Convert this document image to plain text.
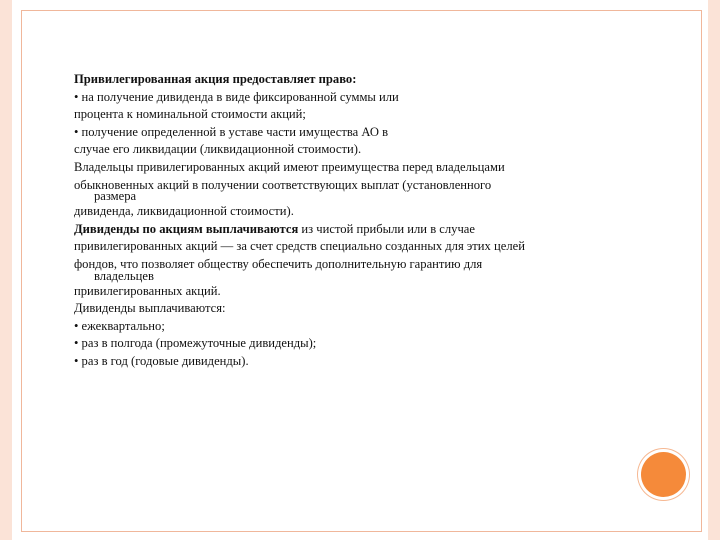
Привилегированная акция предоставляет право:
• на получение дивиденда в виде фиксированной суммы или
процента к номинальной стоимости акций;
• получение определенной в уставе части имущества АО в
случае его ликвидации (ликвидационной стоимости).
Владельцы привилегированных акций имеют преимущества перед владельцами
обыкновенных акций в получении соответствующих выплат (установленного
размера
дивиденда, ликвидационной стоимости).
Дивиденды по акциям выплачиваются из чистой прибыли или в случае
привилегированных акций — за счет средств специально созданных для этих целей
фондов, что позволяет обществу обеспечить дополнительную гарантию для
владельцев
привилегированных акций.
Дивиденды выплачиваются:
• ежеквартально;
• раз в полгода (промежуточные дивиденды);
• раз в год (годовые дивиденды).
